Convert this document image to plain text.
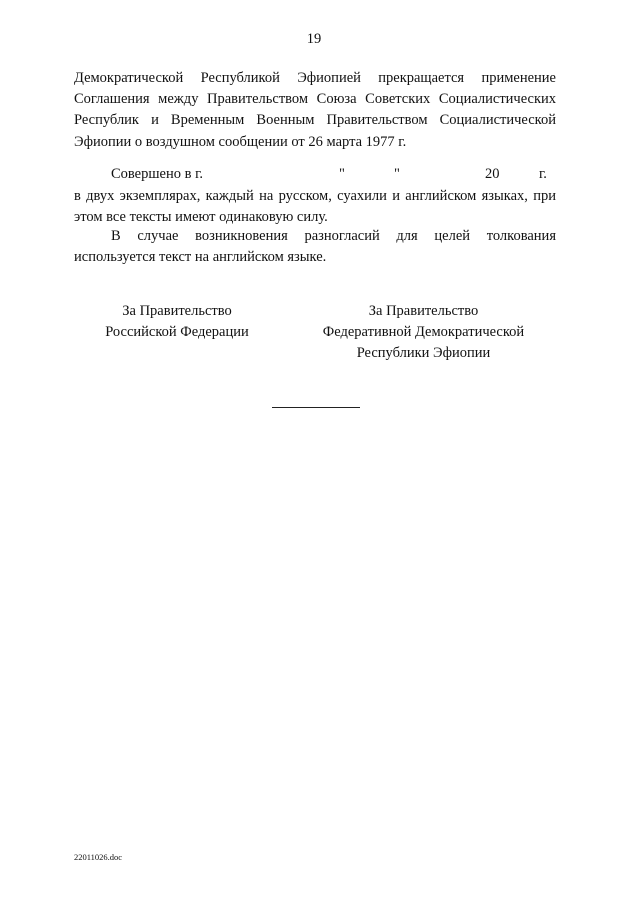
19
Демократической Республикой Эфиопией прекращается применение
Соглашения между Правительством Союза Советских Социалистических
Республик и Временным Военным Правительством Социалистической
Эфиопии о воздушном сообщении от 26 марта 1977 г.
Совершено в г.	"	"	20	г.
в двух экземплярах, каждый на русском, суахили и английском языках, при
этом все тексты имеют одинаковую силу.
В случае возникновения разногласий для целей толкования
используется текст на английском языке.
За Правительство
Российской Федерации
За Правительство
Федеративной Демократической
Республики Эфиопии
22011026.doc
